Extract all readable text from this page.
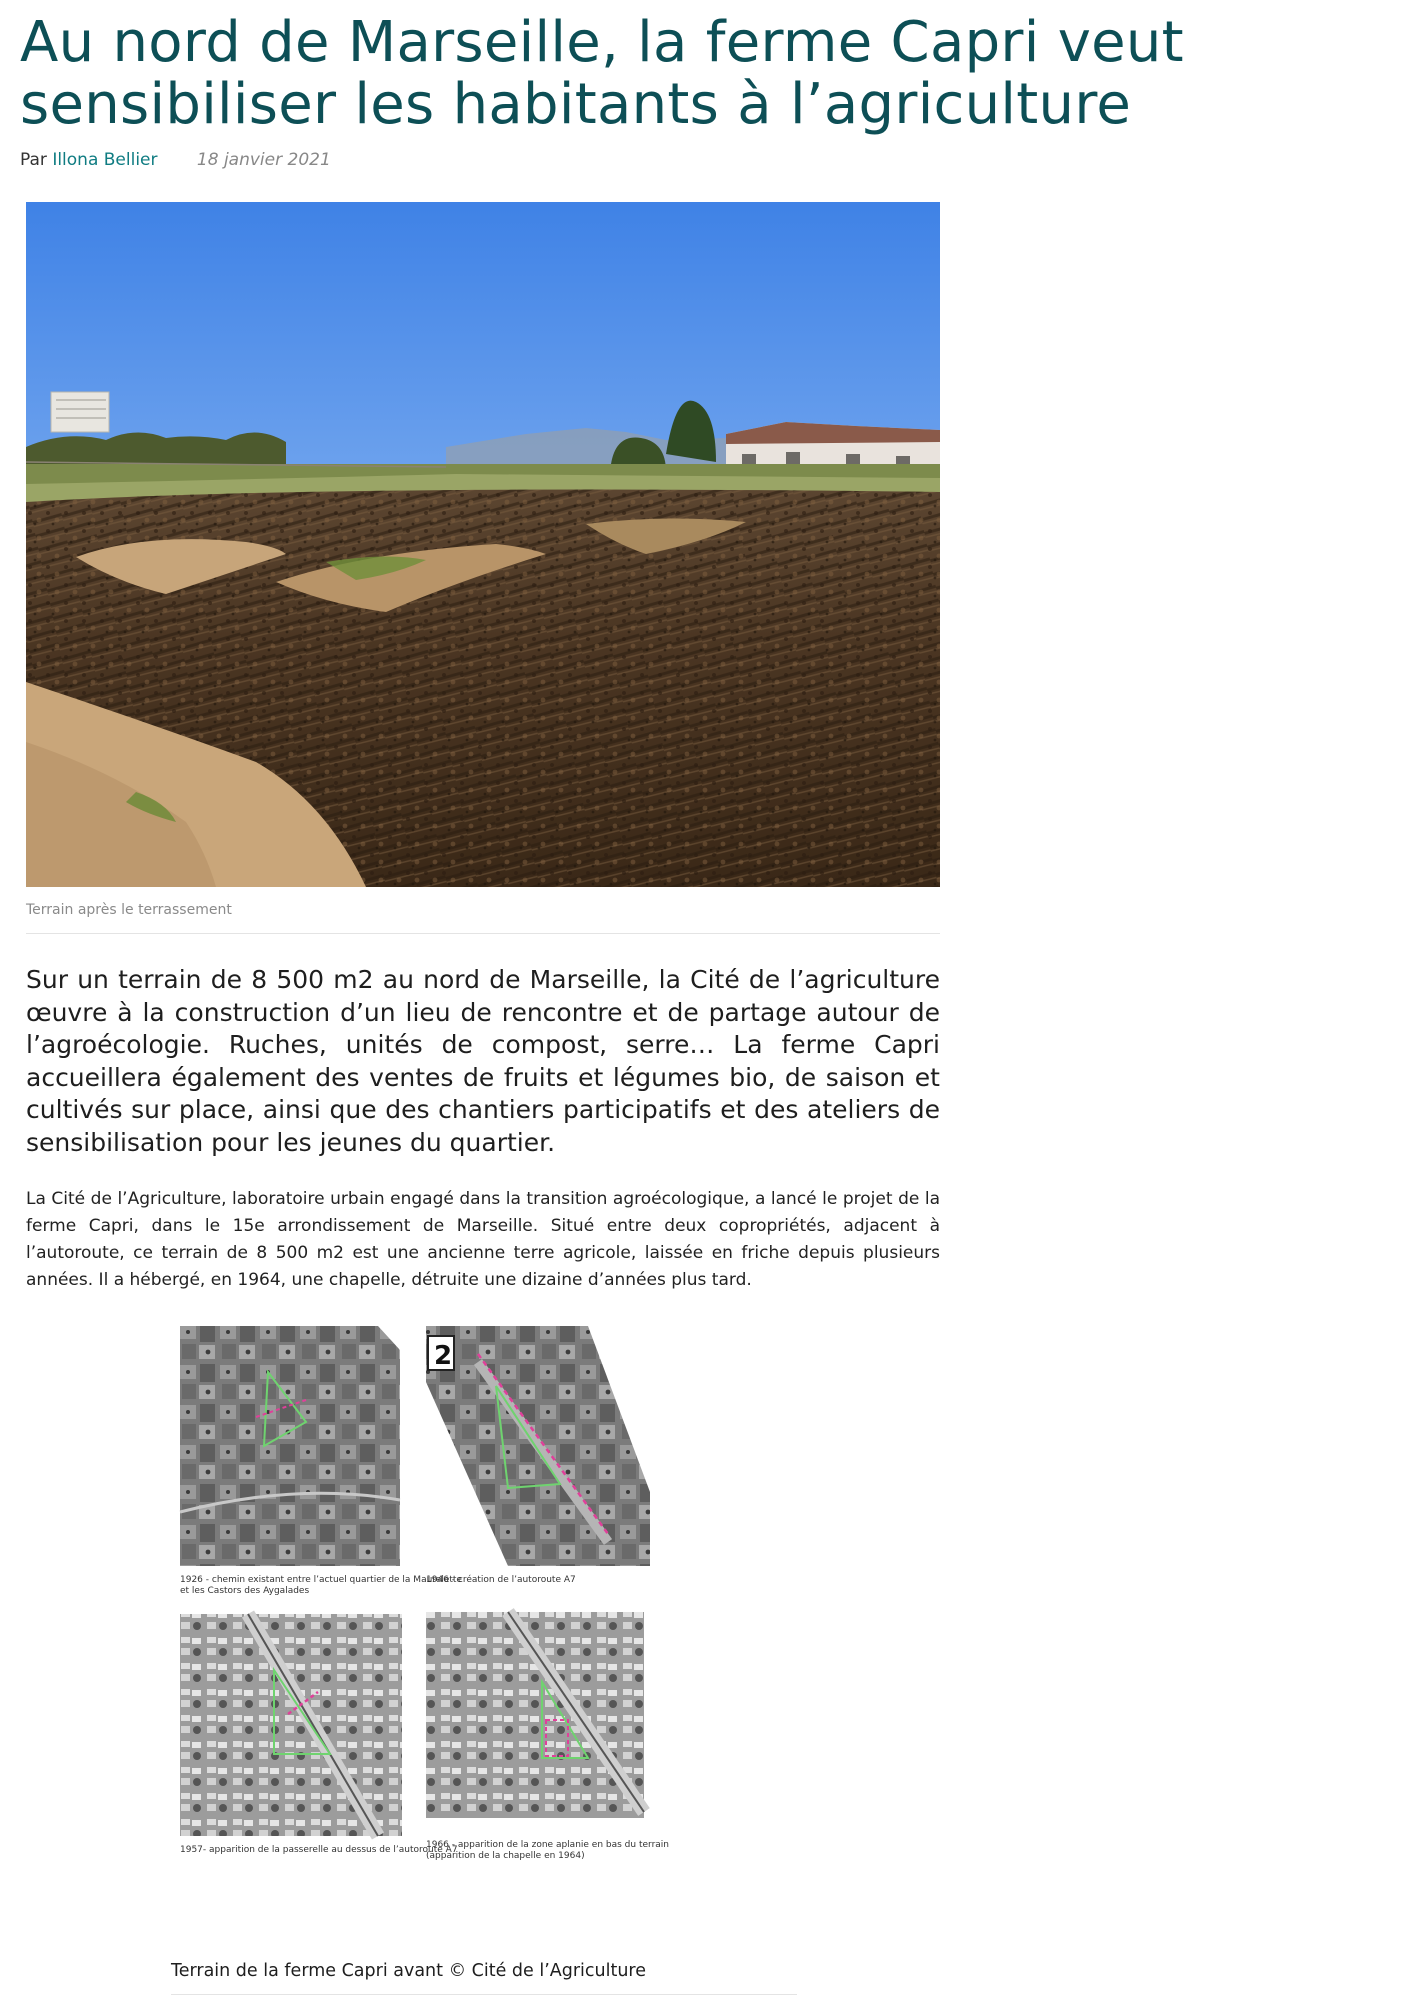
Au nord de Marseille, la ferme Capri veut sensibiliser les habitants à l’agriculture
Par Illona Bellier 18 janvier 2021
Terrain après le terrassement

Sur un terrain de 8 500 m2 au nord de Marseille, la Cité de l’agriculture œuvre à la construction d’un lieu de rencontre et de partage autour de l’agroécologie. Ruches, unités de compost, serre… La ferme Capri accueillera également des ventes de fruits et légumes bio, de saison et cultivés sur place, ainsi que des chantiers participatifs et des ateliers de sensibilisation pour les jeunes du quartier.

La Cité de l’Agriculture, laboratoire urbain engagé dans la transition agroécologique, a lancé le projet de la ferme Capri, dans le 15e arrondissement de Marseille. Situé entre deux copropriétés, adjacent à l’autoroute, ce terrain de 8 500 m2 est une ancienne terre agricole, laissée en friche depuis plusieurs années. Il a hébergé, en 1964, une chapelle, détruite une dizaine d’années plus tard.

1926 - chemin existant entre l’actuel quartier de la Maurelette
et les Castors des Aygalades
2
1946 - création de l’autoroute A7
1957- apparition de la passerelle au dessus de l’autoroute A7
1966 - apparition de la zone aplanie en bas du terrain
(apparition de la chapelle en 1964)
Terrain de la ferme Capri avant © Cité de l’Agriculture
